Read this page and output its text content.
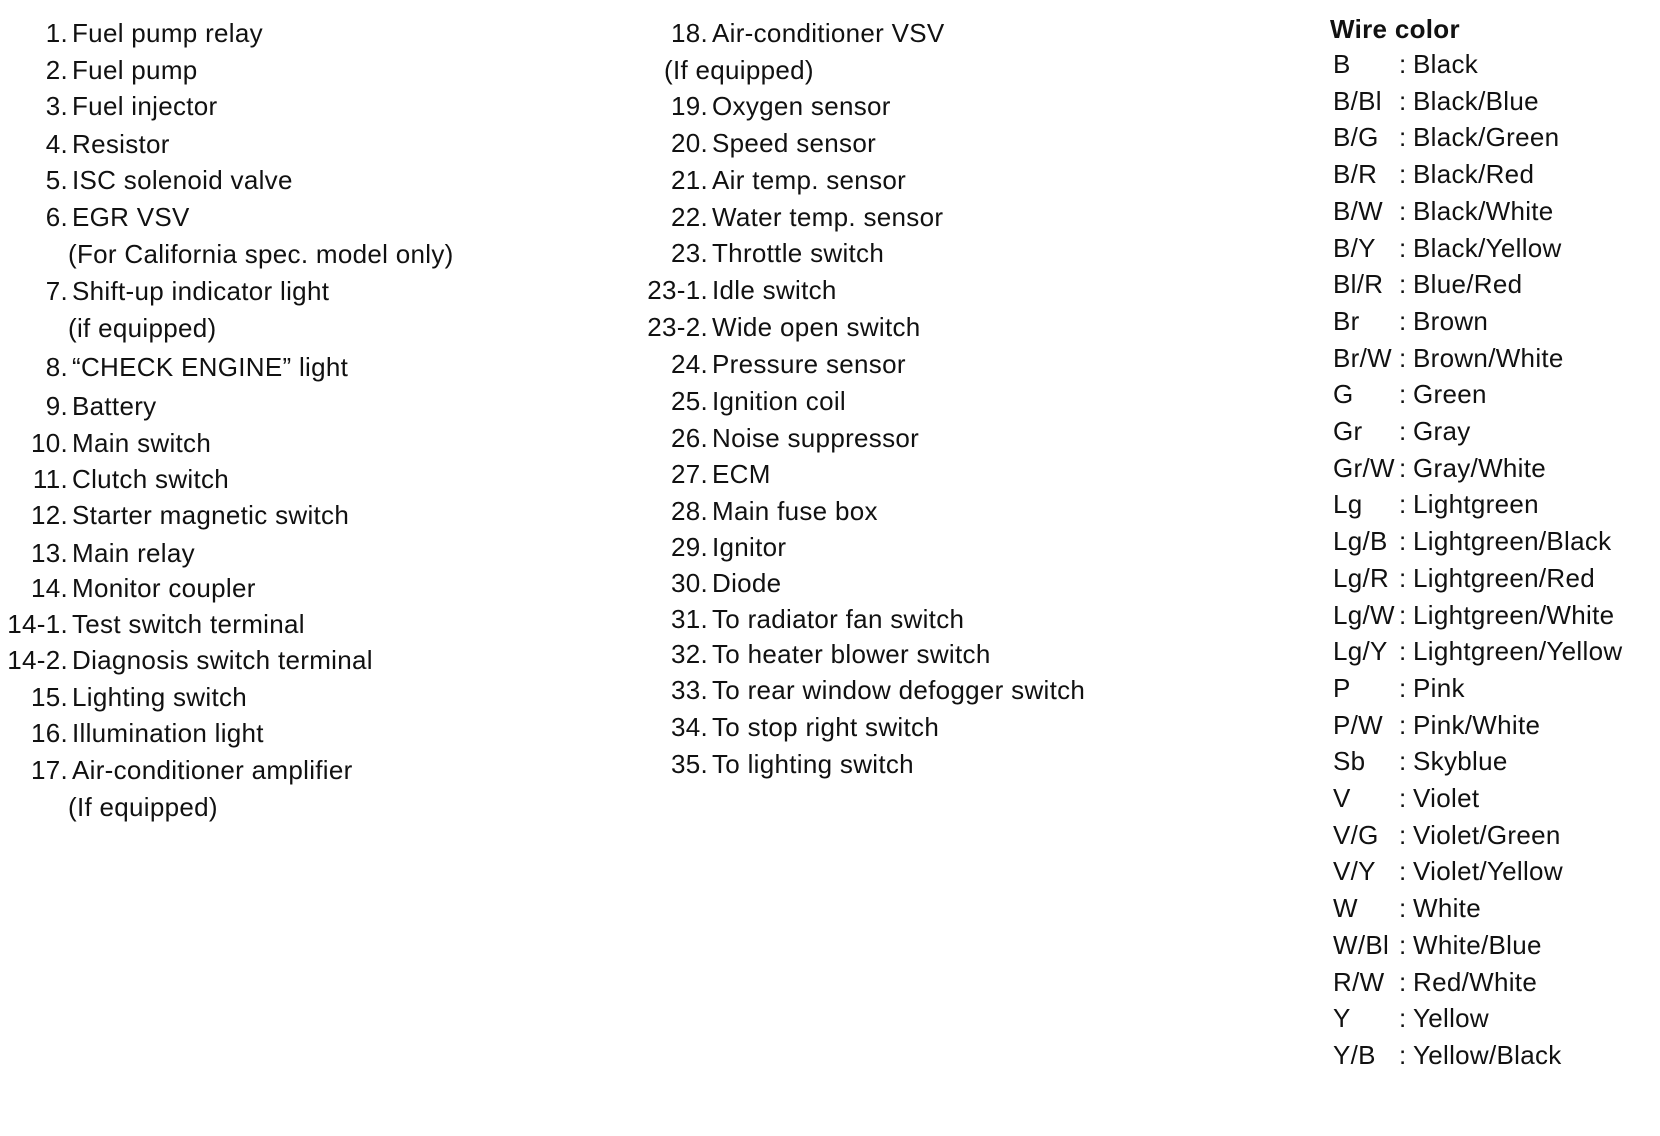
1. Fuel pump relay
2. Fuel pump
3. Fuel injector
4. Resistor
5. ISC solenoid valve
6. EGR VSV
(For California spec. model only)
7. Shift-up indicator light
(if equipped)
8. “CHECK ENGINE” light
9. Battery
10. Main switch
11. Clutch switch
12. Starter magnetic switch
13. Main relay
14. Monitor coupler
14-1. Test switch terminal
14-2. Diagnosis switch terminal
15. Lighting switch
16. Illumination light
17. Air-conditioner amplifier
(If equipped)
18. Air-conditioner VSV
(If equipped)
19. Oxygen sensor
20. Speed sensor
21. Air temp. sensor
22. Water temp. sensor
23. Throttle switch
23-1. Idle switch
23-2. Wide open switch
24. Pressure sensor
25. Ignition coil
26. Noise suppressor
27. ECM
28. Main fuse box
29. Ignitor
30. Diode
31. To radiator fan switch
32. To heater blower switch
33. To rear window defogger switch
34. To stop right switch
35. To lighting switch
Wire color
B : Black
B/Bl : Black/Blue
B/G : Black/Green
B/R : Black/Red
B/W : Black/White
B/Y : Black/Yellow
Bl/R : Blue/Red
Br : Brown
Br/W : Brown/White
G : Green
Gr : Gray
Gr/W : Gray/White
Lg : Lightgreen
Lg/B : Lightgreen/Black
Lg/R : Lightgreen/Red
Lg/W : Lightgreen/White
Lg/Y : Lightgreen/Yellow
P : Pink
P/W : Pink/White
Sb : Skyblue
V : Violet
V/G : Violet/Green
V/Y : Violet/Yellow
W : White
W/Bl : White/Blue
R/W : Red/White
Y : Yellow
Y/B : Yellow/Black
